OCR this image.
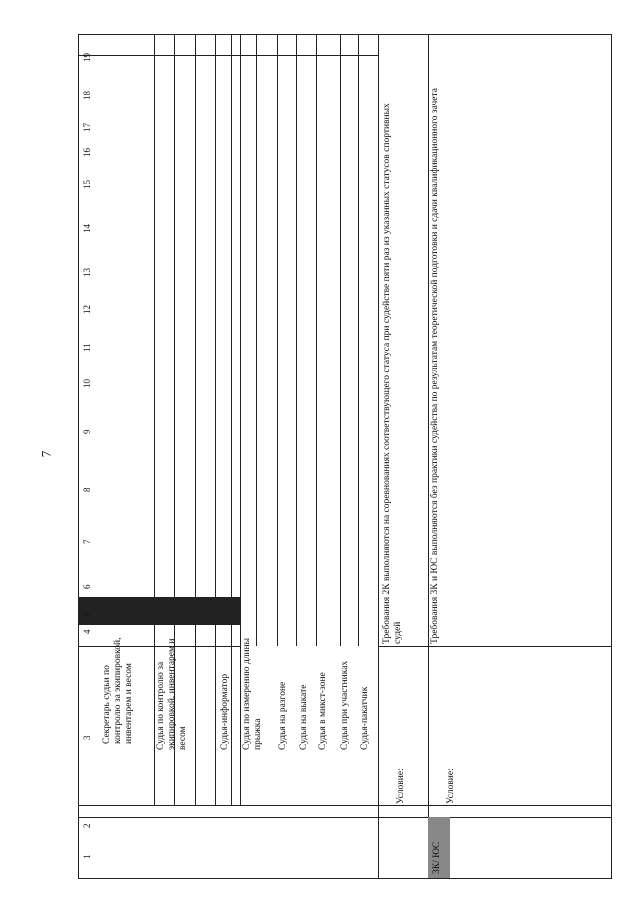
7
1
2
3
4
5
6
7
8
9
10
11
12
13
14
15
16
17
18
19
Секретарь судьи по контролю за экипировкой, инвентарем и весом Судья по контролю за экипировкой, инвентарем и весом	Судья-информатор Судья по измерению длины прыжка Судья на разгоне Судья на выкате Судья в микст-зоне Судья при участниках Судья-пакатчик
Условие:
Требования 2К выполняются на соревнованиях соответствующего статуса при судействе пяти раз из указанных статусов спортивных судей
3К/ ЮС
Условие:
Требования 3К и ЮС выполняются без практики судейства по результатам теоретической подготовки и сдачи квалификационного зачета
